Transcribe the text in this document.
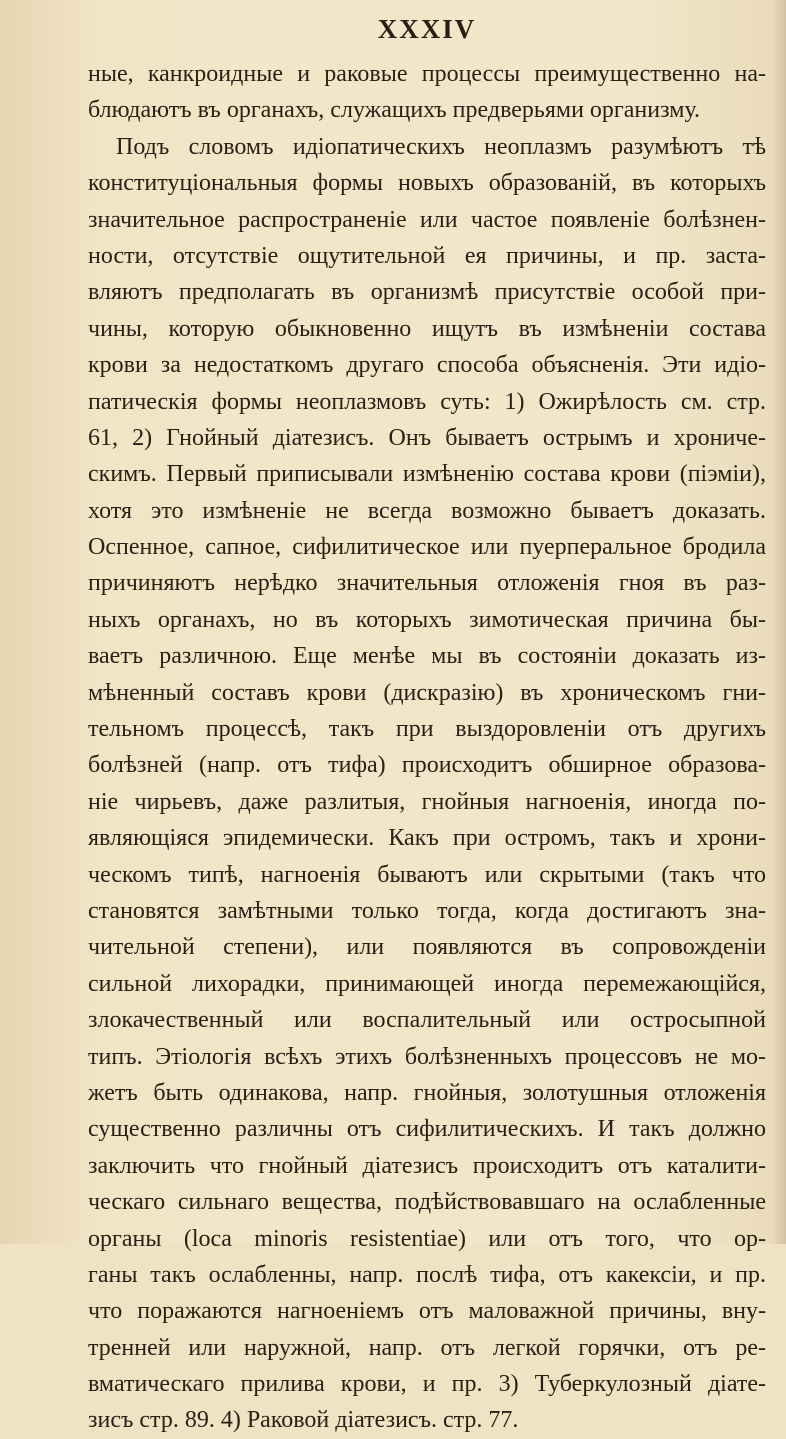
XXXIV
ные, канкроидные и раковые процессы преимущественно на-
блюдаютъ въ органахъ, служащихъ предверьями организму.
Подъ словомъ идіопатическихъ неоплазмъ разумѣютъ тѣ
конституціональныя формы новыхъ образованій, въ которыхъ
значительное распространеніе или частое появленіе болѣзнен-
ности, отсутствіе ощутительной ея причины, и пр. заста-
вляютъ предполагать въ организмѣ присутствіе особой при-
чины, которую обыкновенно ищутъ въ измѣненіи состава
крови за недостаткомъ другаго способа объясненія. Эти идіо-
патическія формы неоплазмовъ суть: 1) Ожирѣлость см. стр.
61, 2) Гнойный діатезисъ. Онъ бываетъ острымъ и хрониче-
скимъ. Первый приписывали измѣненію состава крови (піэміи),
хотя это измѣненіе не всегда возможно бываетъ доказать.
Оспенное, сапное, сифилитическое или пуерперальное бродила
причиняютъ нерѣдко значительныя отложенія гноя въ раз-
ныхъ органахъ, но въ которыхъ зимотическая причина бы-
ваетъ различною. Еще менѣе мы въ состояніи доказать из-
мѣненный составъ крови (дискразію) въ хроническомъ гни-
тельномъ процессѣ, такъ при выздоровленіи отъ другихъ
болѣзней (напр. отъ тифа) происходитъ обширное образова-
ніе чирьевъ, даже разлитыя, гнойныя нагноенія, иногда по-
являющіяся эпидемически. Какъ при остромъ, такъ и хрони-
ческомъ типѣ, нагноенія бываютъ или скрытыми (такъ что
становятся замѣтными только тогда, когда достигаютъ зна-
чительной степени), или появляются въ сопровожденіи
сильной лихорадки, принимающей иногда перемежающійся,
злокачественный или воспалительный или остросыпной
типъ. Этіологія всѣхъ этихъ болѣзненныхъ процессовъ не мо-
жетъ быть одинакова, напр. гнойныя, золотушныя отложенія
существенно различны отъ сифилитическихъ. И такъ должно
заключить что гнойный діатезисъ происходитъ отъ каталити-
ческаго сильнаго вещества, подѣйствовавшаго на ослабленные
органы (loca minoris resistentiae) или отъ того, что ор-
ганы такъ ослабленны, напр. послѣ тифа, отъ какексіи, и пр.
что поражаются нагноеніемъ отъ маловажной причины, вну-
тренней или наружной, напр. отъ легкой горячки, отъ ре-
вматическаго прилива крови, и пр. 3) Туберкулозный діате-
зисъ стр. 89. 4) Раковой діатезисъ. стр. 77.
